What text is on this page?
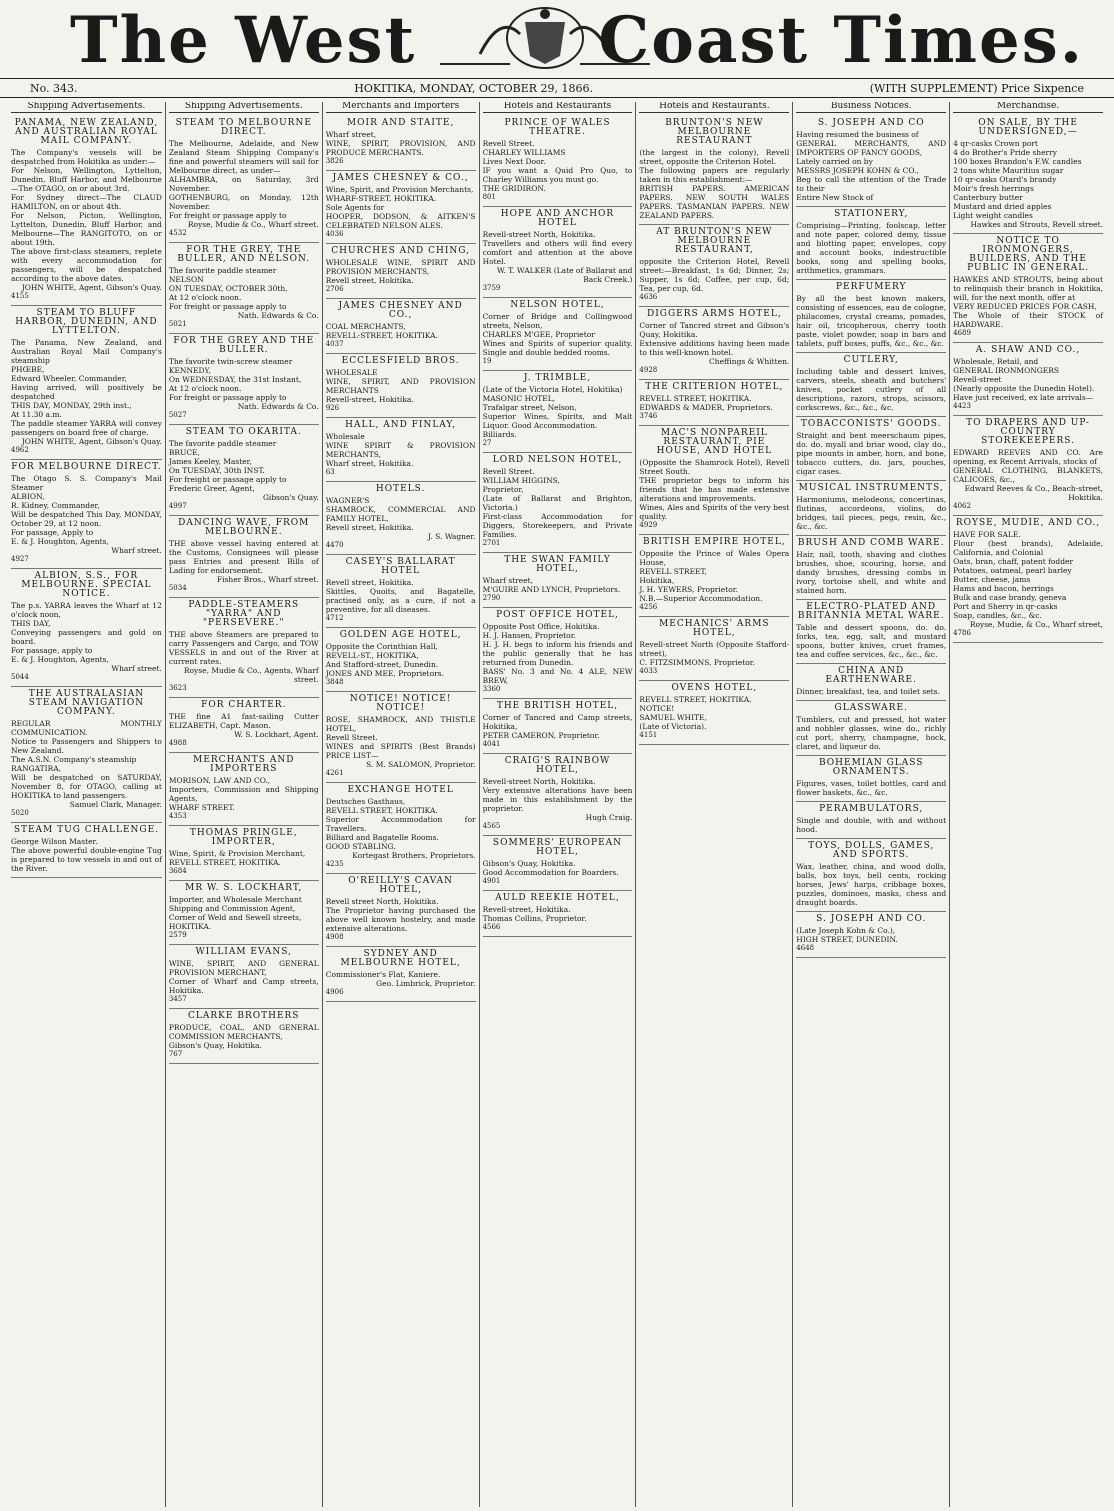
The West	Coast Times.
No. 343.	HOKITIKA, MONDAY, OCTOBER 29, 1866.	(WITH SUPPLEMENT) Price Sixpence
Shipping Advertisements.
PANAMA, NEW ZEALAND, AND AUSTRALIAN ROYAL MAIL COMPANY.
The Company's vessels will be despatched from Hokitika as under:—
For Nelson, Wellington, Lyttelton, Dunedin, Bluff Harbor, and Melbourne—The OTAGO, on or about 3rd.
For Sydney direct—The CLAUD HAMILTON, on or about 4th.
For Nelson, Picton, Wellington, Lyttelton, Dunedin, Bluff Harbor, and Melbourne—The RANGITOTO, on or about 19th.
The above first-class steamers, replete with every accommodation for passengers, will be despatched according to the above dates.
JOHN WHITE, Agent, Gibson's Quay.
4155
STEAM TO BLUFF HARBOR, DUNEDIN, AND LYTTELTON.
The Panama, New Zealand, and Australian Royal Mail Company's steamship
PHŒBE,
Edward Wheeler, Commander,
Having arrived, will positively be despatched
THIS DAY, MONDAY, 29th inst.,
At 11.30 a.m.
The paddle steamer YARRA will convey passengers on board free of charge.
JOHN WHITE, Agent, Gibson's Quay.
4962
FOR MELBOURNE DIRECT.
The Otago S. S. Company's Mail Steamer
ALBION,
R. Kidney, Commander,
Will be despatched This Day, MONDAY, October 29, at 12 noon.
For passage, Apply to
E. & J. Houghton, Agents,
Wharf street.
4927
ALBION, S.S., FOR MELBOURNE. SPECIAL NOTICE.
The p.s. YARRA leaves the Wharf at 12 o'clock noon,
THIS DAY,
Conveying passengers and gold on board.
For passage, apply to
E. & J. Houghton, Agents,
Wharf street.
5044
THE AUSTRALASIAN STEAM NAVIGATION COMPANY.
REGULAR MONTHLY COMMUNICATION.
Notice to Passengers and Shippers to New Zealand.
The A.S.N. Company's steamship
RANGATIRA,
Will be despatched on SATURDAY, November 8, for OTAGO, calling at HOKITIKA to land passengers.
Samuel Clark, Manager.
5020
STEAM TUG CHALLENGE.
George Wilson Master.
The above powerful double-engine Tug is prepared to tow vessels in and out of the River.
Shipping Advertisements.
STEAM TO MELBOURNE DIRECT.
The Melbourne, Adelaide, and New Zealand Steam Shipping Company's fine and powerful steamers will sail for Melbourne direct, as under—
ALHAMBRA, on Saturday, 3rd November.
GOTHENBURG, on Monday, 12th November.
For freight or passage apply to
Royse, Mudie & Co., Wharf street.
4532
FOR THE GREY, THE BULLER, AND NELSON.
The favorite paddle steamer
NELSON
ON TUESDAY, OCTOBER 30th,
At 12 o'clock noon.
For freight or passage apply to
Nath. Edwards & Co.
5021
FOR THE GREY AND THE BULLER.
The favorite twin-screw steamer
KENNEDY,
On WEDNESDAY, the 31st Instant,
At 12 o'clock noon.
For freight or passage apply to
Nath. Edwards & Co.
5027
STEAM TO OKARITA.
The favorite paddle steamer
BRUCE,
James Keeley, Master,
On TUESDAY, 30th INST.
For freight or passage apply to
Frederic Greer, Agent,
Gibson's Quay.
4997
DANCING WAVE, FROM MELBOURNE.
THE above vessel having entered at the Customs, Consignees will please pass Entries and present Bills of Lading for endorsement.
Fisher Bros., Wharf street.
5034
PADDLE-STEAMERS "YARRA" AND "PERSEVERE."
THE above Steamers are prepared to carry Passengers and Cargo, and TOW VESSELS in and out of the River at current rates.
Royse, Mudie & Co., Agents, Wharf street.
3623
FOR CHARTER.
THE fine A1 fast-sailing Cutter ELIZABETH, Capt. Mason.
W. S. Lockhart, Agent.
4988
MERCHANTS AND IMPORTERS
MORISON, LAW AND CO.,
Importers, Commission and Shipping Agents,
WHARF STREET.
4353
THOMAS PRINGLE, IMPORTER,
Wine, Spirit, & Provision Merchant,
REVELL STREET, HOKITIKA.
3684
MR W. S. LOCKHART,
Importer, and Wholesale Merchant
Shipping and Commission Agent,
Corner of Weld and Sewell streets,
HOKITIKA.
2579
WILLIAM EVANS,
WINE, SPIRIT, AND GENERAL PROVISION MERCHANT,
Corner of Wharf and Camp streets, Hokitika.
3457
CLARKE BROTHERS
PRODUCE, COAL, AND GENERAL COMMISSION MERCHANTS,
Gibson's Quay, Hokitika.
767
Merchants and Importers
MOIR AND STAITE,
Wharf street,
WINE, SPIRIT, PROVISION, AND PRODUCE MERCHANTS.
3826
JAMES CHESNEY & CO.,
Wine, Spirit, and Provision Merchants,
WHARF-STREET, HOKITIKA.
Sole Agents for
HOOPER, DODSON, & AITKEN'S CELEBRATED NELSON ALES.
4036
CHURCHES AND CHING,
WHOLESALE WINE, SPIRIT AND PROVISION MERCHANTS,
Revell street, Hokitika.
2706
JAMES CHESNEY AND CO.,
COAL MERCHANTS,
REVELL-STREET, HOKITIKA.
4037
ECCLESFIELD BROS.
WHOLESALE
WINE, SPIRIT, AND PROVISION MERCHANTS
Revell-street, Hokitika.
926
HALL, AND FINLAY,
Wholesale
WINE SPIRIT & PROVISION MERCHANTS,
Wharf street, Hokitika.
63
HOTELS.
WAGNER'S
SHAMROCK, COMMERCIAL AND FAMILY HOTEL,
Revell street, Hokitika.
J. S. Wagner.
4470
CASEY'S BALLARAT HOTEL
Revell street, Hokitika.
Skittles, Quoits, and Bagatelle, practised only, as a cure, if not a preventive, for all diseases.
4712
GOLDEN AGE HOTEL,
Opposite the Corinthian Hall,
REVELL-ST., HOKITIKA,
And Stafford-street, Dunedin.
JONES AND MEE, Proprietors.
3848
NOTICE! NOTICE! NOTICE!
ROSE, SHAMROCK, AND THISTLE HOTEL,
Revell Street.
WINES and SPIRITS (Best Brands) PRICE LIST—
S. M. SALOMON, Proprietor.
4261
EXCHANGE HOTEL
Deutsches Gasthaus,
REVELL STREET, HOKITIKA.
Superior Accommodation for Travellers.
Billiard and Bagatelle Rooms.
GOOD STABLING.
Kortegast Brothers, Proprietors.
4235
O'REILLY'S CAVAN HOTEL,
Revell street North, Hokitika.
The Proprietor having purchased the above well known hostelry, and made extensive alterations.
4908
SYDNEY AND MELBOURNE HOTEL,
Commissioner's Flat, Kaniere.
Geo. Limbrick, Proprietor.
4906
Hotels and Restaurants
PRINCE OF WALES THEATRE.
Revell Street.
CHARLEY WILLIAMS
Lives Next Door.
IF you want a Quid Pro Quo, to Charley Williams you must go.
THE GRIDIRON.
801
HOPE AND ANCHOR HOTEL
Revell-street North, Hokitika.
Travellers and others will find every comfort and attention at the above Hotel.
W. T. WALKER (Late of Ballarat and Back Creek.)
3759
NELSON HOTEL,
Corner of Bridge and Collingwood streets, Nelson,
CHARLES M'GEE, Proprietor
Wines and Spirits of superior quality. Single and double bedded rooms.
19
J. TRIMBLE,
(Late of the Victoria Hotel, Hokitika)
MASONIC HOTEL,
Trafalgar street, Nelson,
Superior Wines, Spirits, and Malt Liquor. Good Accommodation.
Billiards.
27
LORD NELSON HOTEL,
Revell Street.
WILLIAM HIGGINS,
Proprietor,
(Late of Ballarat and Brighton, Victoria.)
First-class Accommodation for Diggers, Storekeepers, and Private Families.
2701
THE SWAN FAMILY HOTEL,
Wharf street,
M'GUIRE AND LYNCH, Proprietors.
2790
POST OFFICE HOTEL,
Opposite Post Office, Hokitika.
H. J. Hansen, Proprietor.
H. J. H. begs to inform his friends and the public generally that he has returned from Dunedin.
BASS' No. 3 and No. 4 ALE, NEW BREW,
3360
THE BRITISH HOTEL,
Corner of Tancred and Camp streets, Hokitika,
PETER CAMERON, Proprietor.
4041
CRAIG'S RAINBOW HOTEL,
Revell-street North, Hokitika.
Very extensive alterations have been made in this establishment by the proprietor.
Hugh Craig.
4565
SOMMERS' EUROPEAN HOTEL,
Gibson's Quay, Hokitika.
Good Accommodation for Boarders.
4901
AULD REEKIE HOTEL,
Revell-street, Hokitika.
Thomas Collins, Proprietor.
4566
Hotels and Restaurants.
BRUNTON'S NEW MELBOURNE RESTAURANT
(the largest in the colony), Revell street, opposite the Criterion Hotel.
The following papers are regularly taken in this establishment:—
BRITISH PAPERS. AMERICAN PAPERS. NEW SOUTH WALES PAPERS. TASMANIAN PAPERS. NEW ZEALAND PAPERS.
AT BRUNTON'S NEW MELBOURNE RESTAURANT,
opposite the Criterion Hotel, Revell street:—Breakfast, 1s 6d; Dinner, 2s; Supper, 1s 6d; Coffee, per cup, 6d; Tea, per cup, 6d.
4636
DIGGERS ARMS HOTEL,
Corner of Tancred street and Gibson's Quay, Hokitika.
Extensive additions having been made to this well-known hotel.
Cheffings & Whitten.
4928
THE CRITERION HOTEL,
REVELL STREET, HOKITIKA.
EDWARDS & MADER, Proprietors.
3746
MAC'S NONPAREIL RESTAURANT, PIE HOUSE, AND HOTEL
(Opposite the Shamrock Hotel), Revell Street South.
THE proprietor begs to inform his friends that he has made extensive alterations and improvements.
Wines, Ales and Spirits of the very best quality.
4929
BRITISH EMPIRE HOTEL,
Opposite the Prince of Wales Opera House,
REVELL STREET,
Hokitika,
J. H. YEWERS, Proprietor.
N.B.—Superior Accommodation.
4256
MECHANICS' ARMS HOTEL,
Revell-street North (Opposite Stafford-street),
C. FITZSIMMONS, Proprietor.
4033
OVENS HOTEL,
REVELL STREET, HOKITIKA.
NOTICE!
SAMUEL WHITE,
(Late of Victoria).
4151
Business Notices.
S. JOSEPH AND CO
Having resumed the business of
GENERAL MERCHANTS, AND IMPORTERS OF FANCY GOODS,
Lately carried on by
MESSRS JOSEPH KOHN & CO.,
Beg to call the attention of the Trade to their
Entire New Stock of
STATIONERY,
Comprising—Printing, foolscap, letter and note paper, colored demy, tissue and blotting paper, envelopes, copy and account books, indestructible books, song and spelling books, arithmetics, grammars.
PERFUMERY
By all the best known makers, consisting of essences, eau de cologne, philacomes, crystal creams, pomades, hair oil, tricopherous, cherry tooth paste, violet powder, soap in bars and tablets, puff boxes, puffs, &c., &c., &c.
CUTLERY,
Including table and dessert knives, carvers, steels, sheath and butchers' knives, pocket cutlery of all descriptions, razors, strops, scissors, corkscrews, &c., &c., &c.
TOBACCONISTS' GOODS.
Straight and bent meerschaum pipes, do. do. myall and briar wood, clay do., pipe mounts in amber, horn, and bone, tobacco cutters, do. jars, pouches, cigar cases.
MUSICAL INSTRUMENTS,
Harmoniums, melodeons, concertinas, flutinas, accordeons, violins, do bridges, tail pieces, pegs, resin, &c., &c., &c.
BRUSH AND COMB WARE.
Hair, nail, tooth, shaving and clothes brushes, shoe, scouring, horse, and dandy brushes, dressing combs in ivory, tortoise shell, and white and stained horn.
ELECTRO-PLATED AND BRITANNIA METAL WARE.
Table and dessert spoons, do. do. forks, tea, egg, salt, and mustard spoons, butter knives, cruet frames, tea and coffee services, &c., &c., &c.
CHINA AND EARTHENWARE.
Dinner, breakfast, tea, and toilet sets.
GLASSWARE.
Tumblers, cut and pressed, hot water and nobbler glasses, wine do., richly cut port, sherry, champagne, hock, claret, and liqueur do.
BOHEMIAN GLASS ORNAMENTS.
Figures, vases, toilet bottles, card and flower baskets, &c., &c.
PERAMBULATORS,
Single and double, with and without hood.
TOYS, DOLLS, GAMES, AND SPORTS.
Wax, leather, china, and wood dolls, balls, box toys, bell cents, rocking horses, Jews' harps, cribbage boxes, puzzles, dominoes, masks, chess and draught boards.
S. JOSEPH AND CO.
(Late Joseph Kohn & Co.),
HIGH STREET, DUNEDIN.
4648
Merchandise.
ON SALE, BY THE UNDERSIGNED,—
4 qr-casks Crown port
4 do Brother's Pride sherry
100 boxes Brandon's F.W. candles
2 tons white Mauritius sugar
10 qr-casks Otard's brandy
Moir's fresh herrings
Canterbury butter
Mustard and dried apples
Light weight candles
Hawkes and Strouts, Revell street.
NOTICE TO IRONMONGERS, BUILDERS, AND THE PUBLIC IN GENERAL.
HAWKES AND STROUTS, being about to relinquish their branch in Hokitika, will, for the next month, offer at
VERY REDUCED PRICES FOR CASH,
The Whole of their STOCK of HARDWARE.
4689
A. SHAW AND CO.,
Wholesale, Retail, and
GENERAL IRONMONGERS
Revell-street
(Nearly opposite the Dunedin Hotel).
Have just received, ex late arrivals—
4423
TO DRAPERS AND UP-COUNTRY STOREKEEPERS.
EDWARD REEVES AND CO. Are opening, ex Recent Arrivals, stocks of
GENERAL CLOTHING, BLANKETS, CALICOES, &c.,
Edward Reeves & Co., Beach-street, Hokitika.
4062
ROYSE, MUDIE, AND CO.,
HAVE FOR SALE.
Flour (best brands), Adelaide, California, and Colonial
Oats, bran, chaff, patent fodder
Potatoes, oatmeal, pearl barley
Butter, cheese, jams
Hams and bacon, herrings
Bulk and case brandy, geneva
Port and Sherry in qr-casks
Soap, candles, &c., &c.
Royse, Mudie, & Co., Wharf street,
4786
